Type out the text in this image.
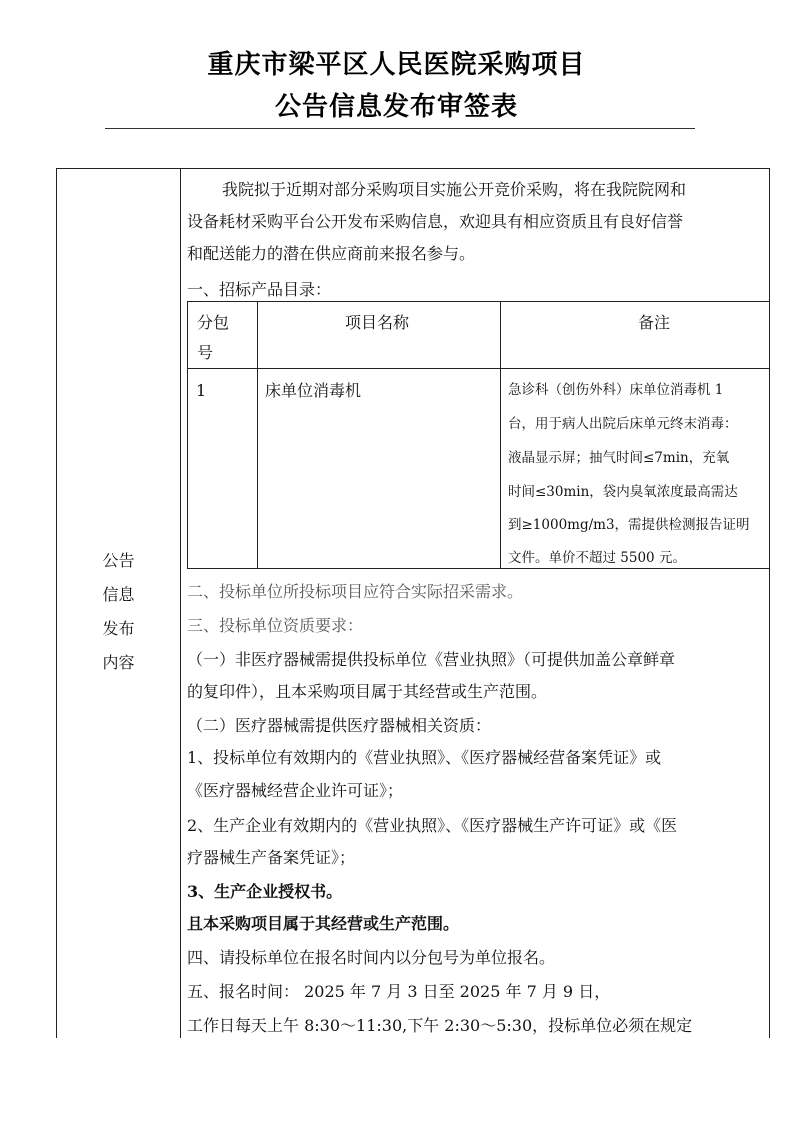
重庆市梁平区人民医院采购项目
公告信息发布审签表
公告
信息
发布
内容
我院拟于近期对部分采购项目实施公开竞价采购，将在我院院网和
设备耗材采购平台公开发布采购信息，欢迎具有相应资质且有良好信誉
和配送能力的潜在供应商前来报名参与。
一、招标产品目录：
分包
号
项目名称	备注
1	床单位消毒机	急诊科（创伤外科）床单位消毒机 1
台，用于病人出院后床单元终末消毒：
液晶显示屏；抽气时间≤7min，充氧
时间≤30min，袋内臭氧浓度最高需达
到≥1000mg/m3，需提供检测报告证明
文件。单价不超过 5500 元。
二、投标单位所投标项目应符合实际招采需求。
三、投标单位资质要求：
（一）非医疗器械需提供投标单位《营业执照》（可提供加盖公章鲜章
的复印件），且本采购项目属于其经营或生产范围。
（二）医疗器械需提供医疗器械相关资质：
1、投标单位有效期内的《营业执照》、《医疗器械经营备案凭证》或
《医疗器械经营企业许可证》；
2、生产企业有效期内的《营业执照》、《医疗器械生产许可证》或《医
疗器械生产备案凭证》；
3、生产企业授权书。
且本采购项目属于其经营或生产范围。
四、请投标单位在报名时间内以分包号为单位报名。
五、报名时间： 2025 年 7 月 3 日至 2025 年 7 月 9 日，
工作日每天上午 8:30～11:30,下午 2:30～5:30，投标单位必须在规定
